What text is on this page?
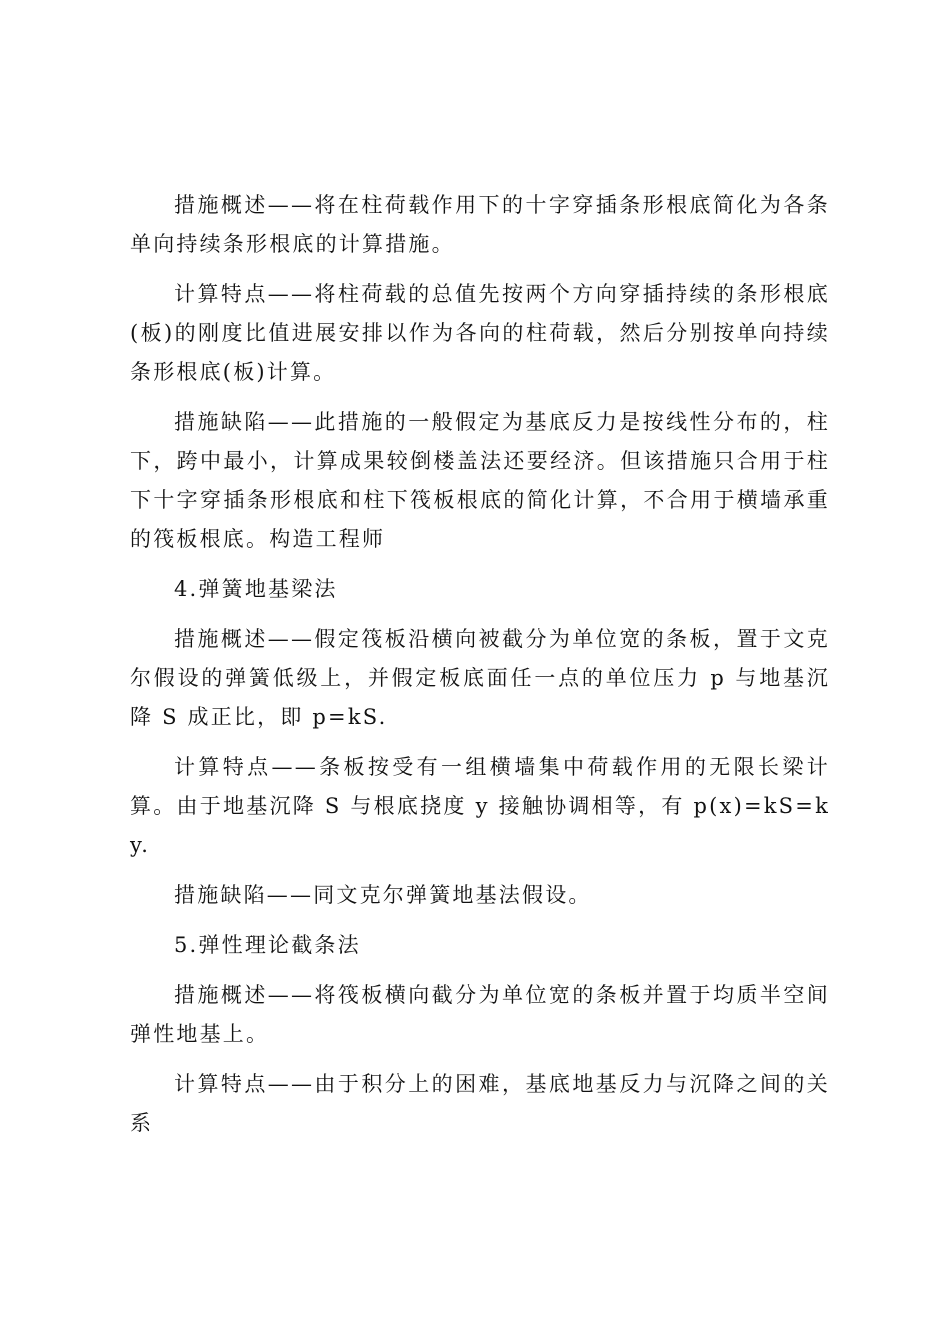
措施概述——将在柱荷载作用下的十字穿插条形根底简化为各条单向持续条形根底的计算措施。

计算特点——将柱荷载的总值先按两个方向穿插持续的条形根底(板)的刚度比值进展安排以作为各向的柱荷载，然后分别按单向持续条形根底(板)计算。

措施缺陷——此措施的一般假定为基底反力是按线性分布的，柱下，跨中最小，计算成果较倒楼盖法还要经济。但该措施只合用于柱下十字穿插条形根底和柱下筏板根底的简化计算，不合用于横墙承重的筏板根底。构造工程师

4.弹簧地基梁法

措施概述——假定筏板沿横向被截分为单位宽的条板，置于文克尔假设的弹簧低级上，并假定板底面任一点的单位压力 p 与地基沉降 S 成正比，即 p=kS.

计算特点——条板按受有一组横墙集中荷载作用的无限长梁计算。由于地基沉降 S 与根底挠度 y 接触协调相等，有 p(x)=kS=ky.

措施缺陷——同文克尔弹簧地基法假设。

5.弹性理论截条法

措施概述——将筏板横向截分为单位宽的条板并置于均质半空间弹性地基上。

计算特点——由于积分上的困难，基底地基反力与沉降之间的关系
